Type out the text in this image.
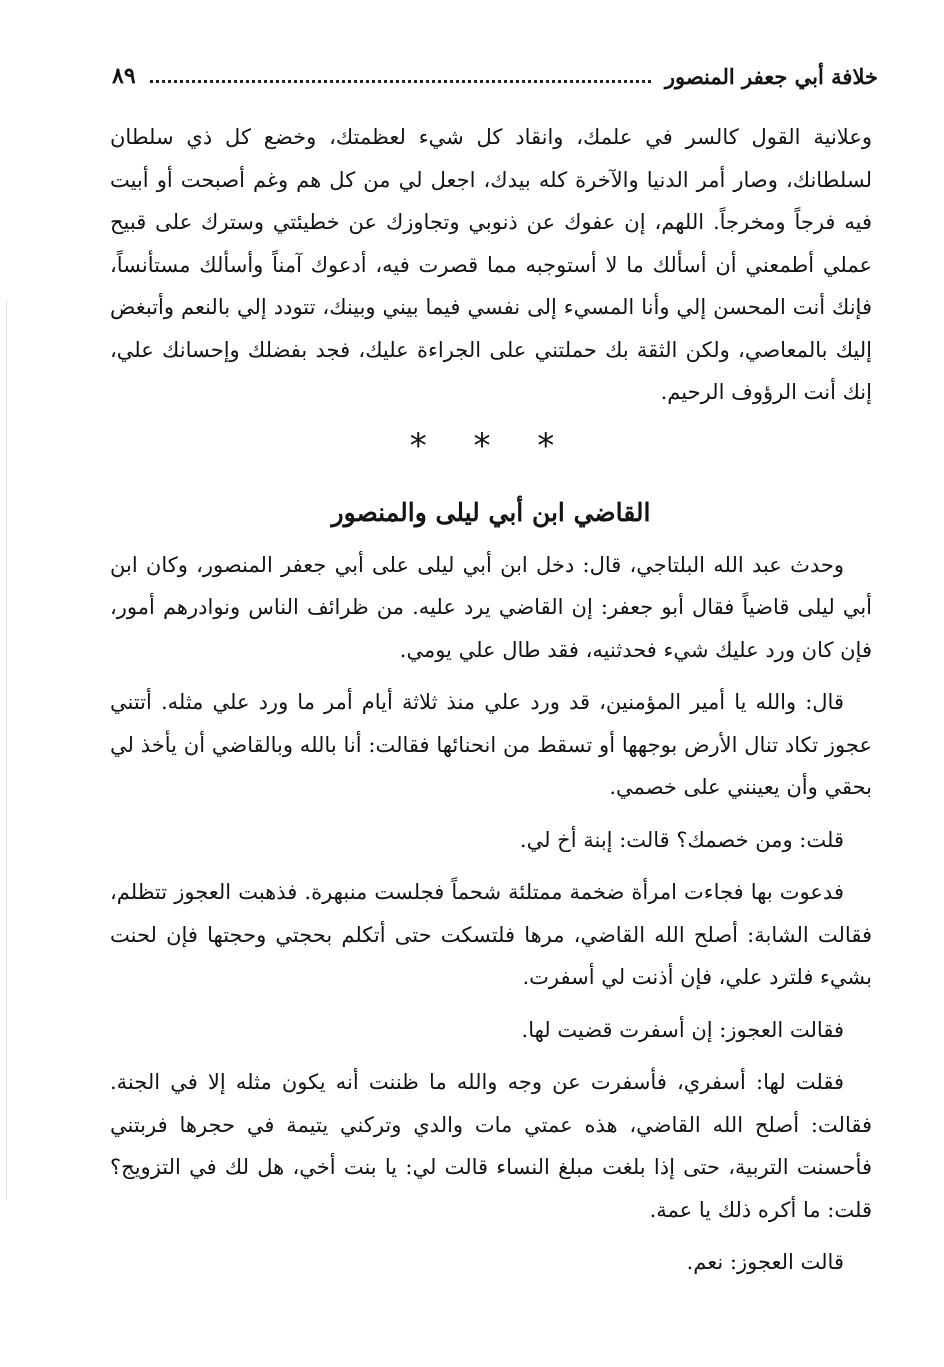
خلافة أبي جعفر المنصور
٨٩

وعلانية القول كالسر في علمك، وانقاد كل شيء لعظمتك، وخضع كل ذي سلطان لسلطانك، وصار أمر الدنيا والآخرة كله بيدك، اجعل لي من كل هم وغم أصبحت أو أبيت فيه فرجاً ومخرجاً. اللهم، إن عفوك عن ذنوبي وتجاوزك عن خطيئتي وسترك على قبيح عملي أطمعني أن أسألك ما لا أستوجبه مما قصرت فيه، أدعوك آمناً وأسألك مستأنساً، فإنك أنت المحسن إلي وأنا المسيء إلى نفسي فيما بيني وبينك، تتودد إلي بالنعم وأتبغض إليك بالمعاصي، ولكن الثقة بك حملتني على الجراءة عليك، فجد بفضلك وإحسانك علي، إنك أنت الرؤوف الرحيم.

* * *
القاضي ابن أبي ليلى والمنصور

وحدث عبد الله البلتاجي، قال: دخل ابن أبي ليلى على أبي جعفر المنصور، وكان ابن أبي ليلى قاضياً فقال أبو جعفر: إن القاضي يرد عليه. من ظرائف الناس ونوادرهم أمور، فإن كان ورد عليك شيء فحدثنيه، فقد طال علي يومي.

قال: والله يا أمير المؤمنين، قد ورد علي منذ ثلاثة أيام أمر ما ورد علي مثله. أتتني عجوز تكاد تنال الأرض بوجهها أو تسقط من انحنائها فقالت: أنا بالله وبالقاضي أن يأخذ لي بحقي وأن يعينني على خصمي.

قلت: ومن خصمك؟ قالت: إبنة أخ لي.

فدعوت بها فجاءت امرأة ضخمة ممتلئة شحماً فجلست منبهرة. فذهبت العجوز تتظلم، فقالت الشابة: أصلح الله القاضي، مرها فلتسكت حتى أتكلم بحجتي وحجتها فإن لحنت بشيء فلترد علي، فإن أذنت لي أسفرت.

فقالت العجوز: إن أسفرت قضيت لها.

فقلت لها: أسفري، فأسفرت عن وجه والله ما ظننت أنه يكون مثله إلا في الجنة. فقالت: أصلح الله القاضي، هذه عمتي مات والدي وتركني يتيمة في حجرها فربتني فأحسنت التربية، حتى إذا بلغت مبلغ النساء قالت لي: يا بنت أخي، هل لك في التزويج؟ قلت: ما أكره ذلك يا عمة.

قالت العجوز: نعم.
